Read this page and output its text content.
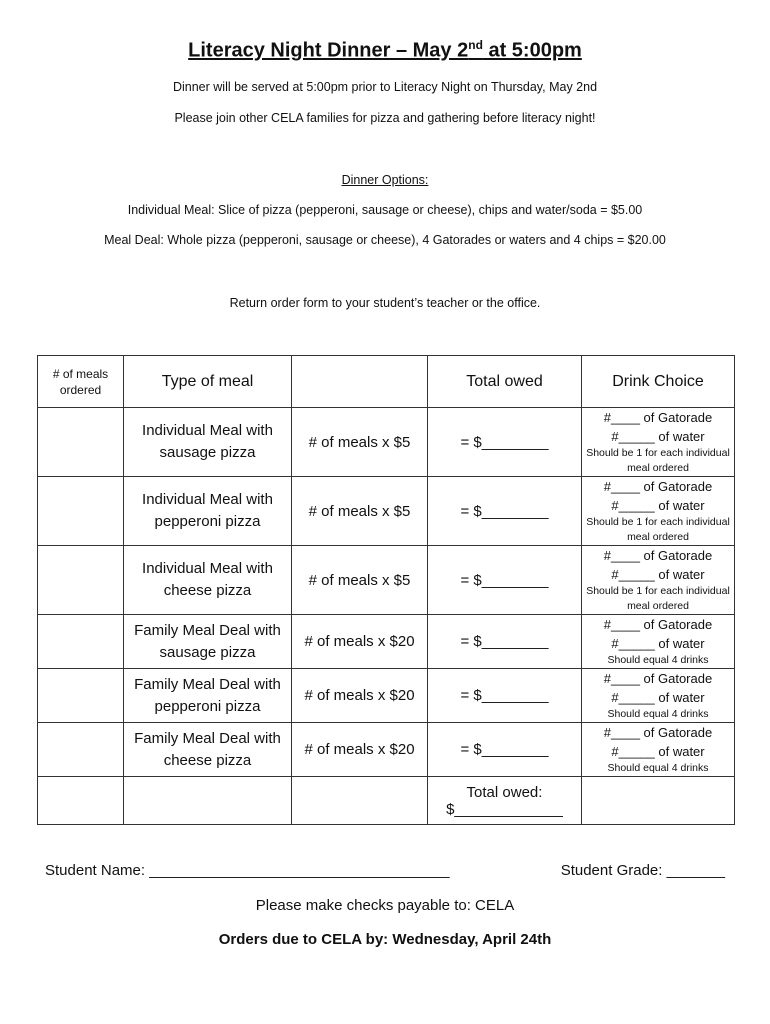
Literacy Night Dinner – May 2nd at 5:00pm
Dinner will be served at 5:00pm prior to Literacy Night on Thursday, May 2nd
Please join other CELA families for pizza and gathering before literacy night!
Dinner Options:
Individual Meal: Slice of pizza (pepperoni, sausage or cheese), chips and water/soda = $5.00
Meal Deal: Whole pizza (pepperoni, sausage or cheese), 4 Gatorades or waters and 4 chips = $20.00
Return order form to your student’s teacher or the office.
# of meals ordered	Type of meal		Total owed	Drink Choice
	Individual Meal with sausage pizza	# of meals x $5	= $________	#____ of Gatorade
#_____ of water
Should be 1 for each individual meal ordered

	Individual Meal with pepperoni pizza	# of meals x $5	= $________	#____ of Gatorade
#_____ of water
Should be 1 for each individual meal ordered

	Individual Meal with cheese pizza	# of meals x $5	= $________	#____ of Gatorade
#_____ of water
Should be 1 for each individual meal ordered

	Family Meal Deal with sausage pizza	# of meals x $20	= $________	#____ of Gatorade
#_____ of water
Should equal 4 drinks

	Family Meal Deal with pepperoni pizza	# of meals x $20	= $________	#____ of Gatorade
#_____ of water
Should equal 4 drinks

	Family Meal Deal with cheese pizza	# of meals x $20	= $________	#____ of Gatorade
#_____ of water
Should equal 4 drinks

			Total owed:
$_____________	

Student Name: ____________________________________	Student Grade: _______
Please make checks payable to: CELA
Orders due to CELA by: Wednesday, April 24th
